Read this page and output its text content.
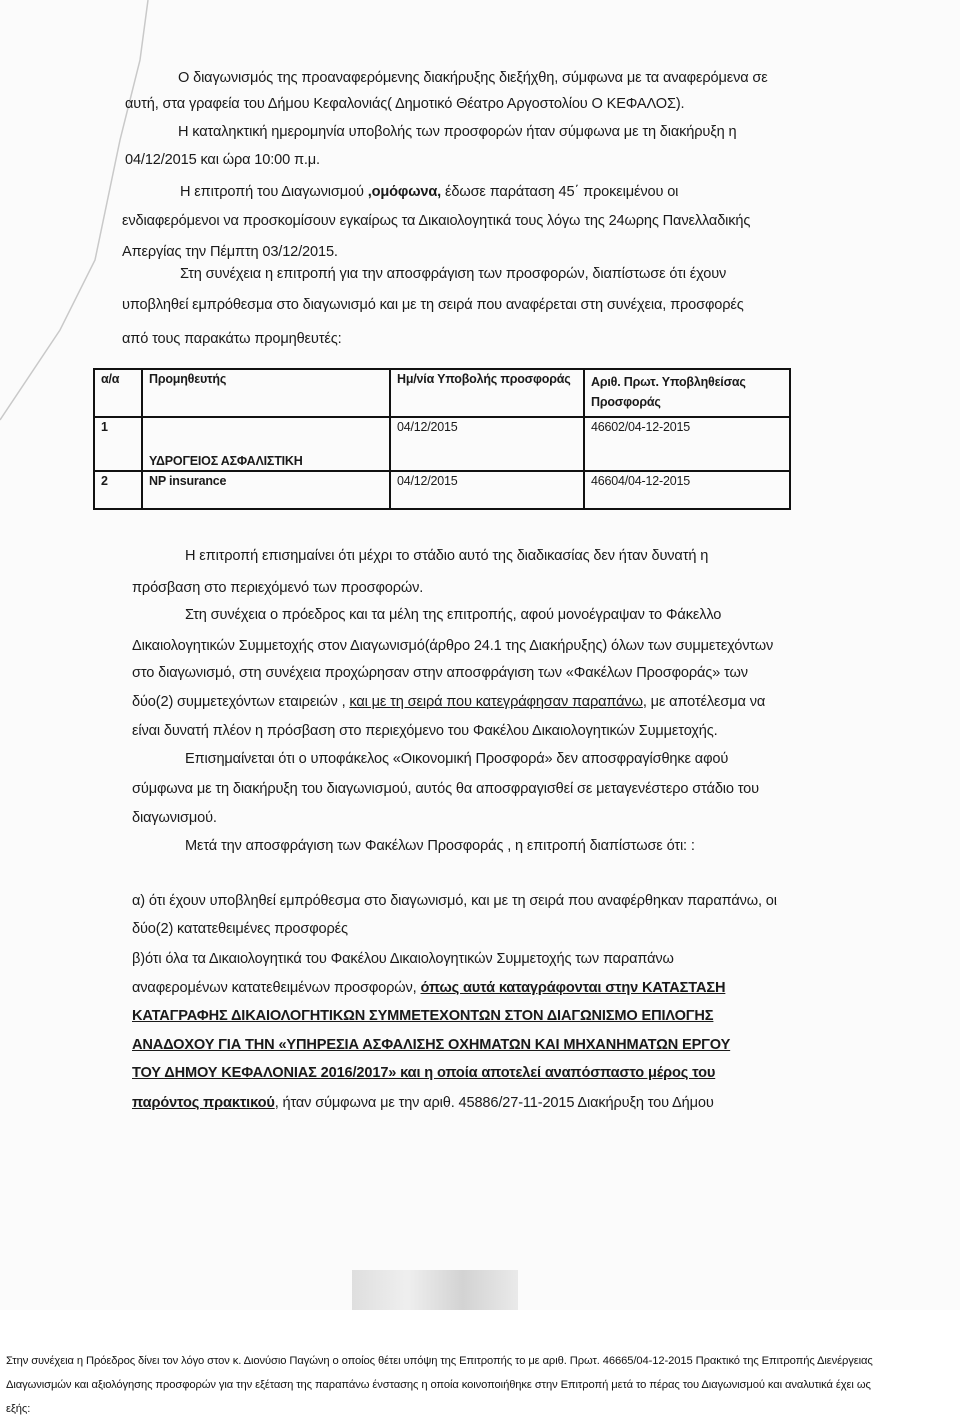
Ο διαγωνισμός της προαναφερόμενης διακήρυξης διεξήχθη, σύμφωνα με τα αναφερόμενα σε
αυτή, στα γραφεία του Δήμου Κεφαλονιάς( Δημοτικό Θέατρο Αργοστολίου Ο ΚΕΦΑΛΟΣ).
Η καταληκτική ημερομηνία υποβολής των προσφορών ήταν σύμφωνα με τη διακήρυξη η
04/12/2015 και ώρα 10:00 π.μ.
Η επιτροπή του Διαγωνισμού ,ομόφωνα, έδωσε παράταση 45΄ προκειμένου οι
ενδιαφερόμενοι να προσκομίσουν εγκαίρως τα Δικαιολογητικά τους λόγω της 24ωρης Πανελλαδικής
Απεργίας την Πέμπτη 03/12/2015.
Στη συνέχεια η επιτροπή για την αποσφράγιση των προσφορών, διαπίστωσε ότι έχουν
υποβληθεί εμπρόθεσμα στο διαγωνισμό και με τη σειρά που αναφέρεται στη συνέχεια, προσφορές
από τους παρακάτω προμηθευτές:
α/α	Προμηθευτής	Ημ/νία Υποβολής προσφοράς	Αριθ. Πρωτ. Υποβληθείσας
Προσφοράς

1	ΥΔΡΟΓΕΙΟΣ ΑΣΦΑΛΙΣΤΙΚΗ	04/12/2015	46602/04-12-2015
2	NP insurance	04/12/2015	46604/04-12-2015
Η επιτροπή επισημαίνει ότι μέχρι το στάδιο αυτό της διαδικασίας δεν ήταν δυνατή η
πρόσβαση στο περιεχόμενό των προσφορών.
Στη συνέχεια ο πρόεδρος και τα μέλη της επιτροπής, αφού μονοέγραψαν το Φάκελλο
Δικαιολογητικών Συμμετοχής στον Διαγωνισμό(άρθρο 24.1 της Διακήρυξης) όλων των συμμετεχόντων
στο διαγωνισμό, στη συνέχεια προχώρησαν στην αποσφράγιση των «Φακέλων Προσφοράς» των
δύο(2) συμμετεχόντων εταιρειών , και με τη σειρά που κατεγράφησαν παραπάνω, με αποτέλεσμα να
είναι δυνατή πλέον η πρόσβαση στο περιεχόμενο του Φακέλου Δικαιολογητικών Συμμετοχής.
Επισημαίνεται ότι ο υποφάκελος «Οικονομική Προσφορά» δεν αποσφραγίσθηκε αφού
σύμφωνα με τη διακήρυξη του διαγωνισμού, αυτός θα αποσφραγισθεί σε μεταγενέστερο στάδιο του
διαγωνισμού.
Μετά την αποσφράγιση των Φακέλων Προσφοράς , η επιτροπή διαπίστωσε ότι: :
α) ότι έχουν υποβληθεί εμπρόθεσμα στο διαγωνισμό, και με τη σειρά που αναφέρθηκαν παραπάνω, οι
δύο(2) κατατεθειμένες προσφορές
β)ότι όλα τα Δικαιολογητικά του Φακέλου Δικαιολογητικών Συμμετοχής των παραπάνω
αναφερομένων κατατεθειμένων προσφορών, όπως αυτά καταγράφονται στην ΚΑΤΑΣΤΑΣΗ
ΚΑΤΑΓΡΑΦΗΣ ΔΙΚΑΙΟΛΟΓΗΤΙΚΩΝ ΣΥΜΜΕΤΕΧΟΝΤΩΝ ΣΤΟΝ ΔΙΑΓΩΝΙΣΜΟ ΕΠΙΛΟΓΗΣ
ΑΝΑΔΟΧΟΥ ΓΙΑ ΤΗΝ «ΥΠΗΡΕΣΙΑ ΑΣΦΑΛΙΣΗΣ ΟΧΗΜΑΤΩΝ ΚΑΙ ΜΗΧΑΝΗΜΑΤΩΝ ΕΡΓΟΥ
ΤΟΥ ΔΗΜΟΥ ΚΕΦΑΛΟΝΙΑΣ 2016/2017» και η οποία αποτελεί αναπόσπαστο μέρος του
παρόντος πρακτικού, ήταν σύμφωνα με την αριθ. 45886/27-11-2015 Διακήρυξη του Δήμου
Στην συνέχεια η Πρόεδρος δίνει τον λόγο στον κ. Διονύσιο Παγώνη ο οποίος θέτει υπόψη της Επιτροπής το με αριθ. Πρωτ. 46665/04-12-2015 Πρακτικό της Επιτροπής Διενέργειας
Διαγωνισμών και αξιολόγησης προσφορών για την εξέταση της παραπάνω ένστασης η οποία κοινοποιήθηκε στην Επιτροπή μετά το πέρας του Διαγωνισμού και αναλυτικά έχει ως
εξής:
